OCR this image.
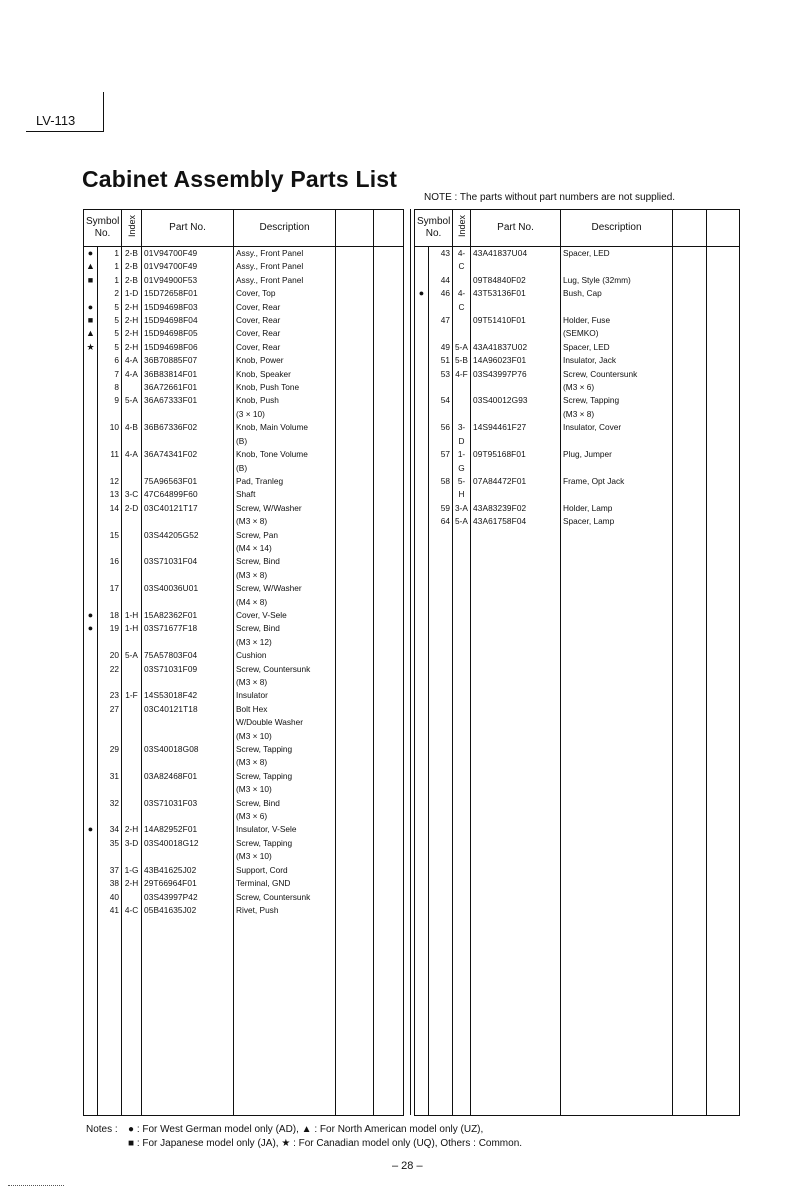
LV-113
Cabinet Assembly Parts List
NOTE : The parts without part numbers are not supplied.
Symbol
No.		Index	Part No.	Description		
●	1	2-B	01V94700F49	Assy., Front Panel		
▲	1	2-B	01V94700F49	Assy., Front Panel		
■	1	2-B	01V94900F53	Assy., Front Panel		
	2	1-D	15D72658F01	Cover, Top		
●	5	2-H	15D94698F03	Cover, Rear		

■	5	2-H	15D94698F04	Cover, Rear		
▲	5	2-H	15D94698F05	Cover, Rear		
★	5	2-H	15D94698F06	Cover, Rear		
	6	4-A	36B70885F07	Knob, Power		
	7	4-A	36B83814F01	Knob, Speaker		

	8		36A72661F01	Knob, Push Tone		
	9	5-A	36A67333F01	Knob, Push
(3 × 10)		
	10	4-B	36B67336F02	Knob, Main Volume
(B)		
	11	4-A	36A74341F02	Knob, Tone Volume
(B)		
	12		75A96563F01	Pad, Tranleg		

	13	3-C	47C64899F60	Shaft		
	14	2-D	03C40121T17	Screw, W/Washer
(M3 × 8)		
	15		03S44205G52	Screw, Pan
(M4 × 14)		
	16		03S71031F04	Screw, Bind
(M3 × 8)		
	17		03S40036U01	Screw, W/Washer
(M4 × 8)		

●	18	1-H	15A82362F01	Cover, V-Sele		
●	19	1-H	03S71677F18	Screw, Bind
(M3 × 12)		
	20	5-A	75A57803F04	Cushion		
	22		03S71031F09	Screw, Countersunk
(M3 × 8)		
	23	1-F	14S53018F42	Insulator		

	27		03C40121T18	Bolt Hex
W/Double Washer
(M3 × 10)		
	29		03S40018G08	Screw, Tapping
(M3 × 8)		
	31		03A82468F01	Screw, Tapping
(M3 × 10)		
	32		03S71031F03	Screw, Bind
(M3 × 6)		
●	34	2-H	14A82952F01	Insulator, V-Sele		

	35	3-D	03S40018G12	Screw, Tapping
(M3 × 10)		
	37	1-G	43B41625J02	Support, Cord		
	38	2-H	29T66964F01	Terminal, GND		
	40		03S43997P42	Screw, Countersunk		
	41	4-C	05B41635J02	Rivet, Push		

Symbol
No.		Index	Part No.	Description		
	43	4-C	43A41837U04	Spacer, LED		
	44		09T84840F02	Lug, Style (32mm)		
●	46	4-C	43T53136F01	Bush, Cap		
	47		09T51410F01	Holder, Fuse
(SEMKO)		
	49	5-A	43A41837U02	Spacer, LED		

	51	5-B	14A96023F01	Insulator, Jack		
	53	4-F	03S43997P76	Screw, Countersunk
(M3 × 6)		
	54		03S40012G93	Screw, Tapping
(M3 × 8)		
	56	3-D	14S94461F27	Insulator, Cover		
	57	1-G	09T95168F01	Plug, Jumper		

	58	5-H	07A84472F01	Frame, Opt Jack		
	59	3-A	43A83239F02	Holder, Lamp		
	64	5-A	43A61758F04	Spacer, Lamp		

Notes : ● : For West German model only (AD), ▲ : For North American model only (UZ),
■ : For Japanese model only (JA), ★ : For Canadian model only (UQ), Others : Common.
– 28 –
